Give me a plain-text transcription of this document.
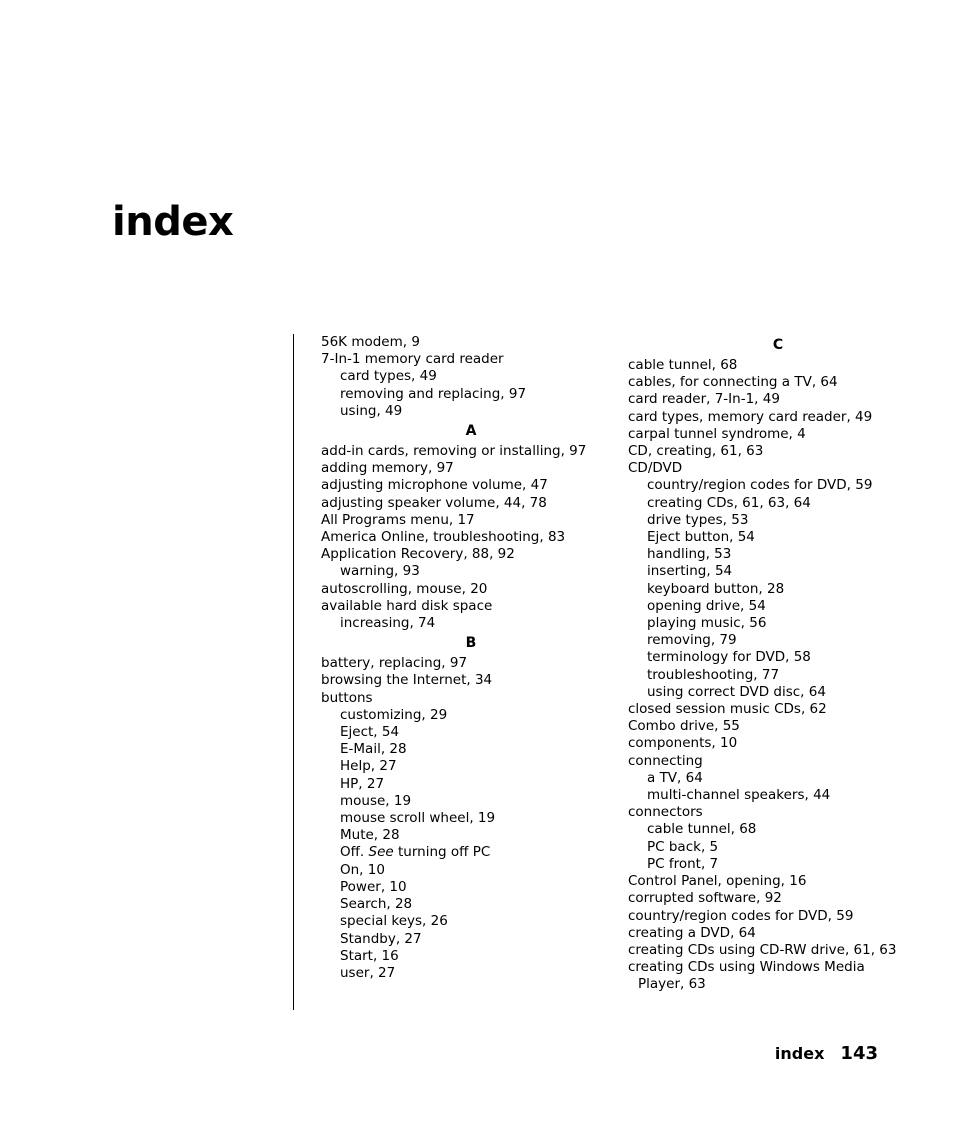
index
56K modem, 9
7-In-1 memory card reader
card types, 49
removing and replacing, 97
using, 49
A
add-in cards, removing or installing, 97
adding memory, 97
adjusting microphone volume, 47
adjusting speaker volume, 44, 78
All Programs menu, 17
America Online, troubleshooting, 83
Application Recovery, 88, 92
warning, 93
autoscrolling, mouse, 20
available hard disk space
increasing, 74
B
battery, replacing, 97
browsing the Internet, 34
buttons
customizing, 29
Eject, 54
E-Mail, 28
Help, 27
HP, 27
mouse, 19
mouse scroll wheel, 19
Mute, 28
Off. See turning off PC
On, 10
Power, 10
Search, 28
special keys, 26
Standby, 27
Start, 16
user, 27
C
cable tunnel, 68
cables, for connecting a TV, 64
card reader, 7-In-1, 49
card types, memory card reader, 49
carpal tunnel syndrome, 4
CD, creating, 61, 63
CD/DVD
country/region codes for DVD, 59
creating CDs, 61, 63, 64
drive types, 53
Eject button, 54
handling, 53
inserting, 54
keyboard button, 28
opening drive, 54
playing music, 56
removing, 79
terminology for DVD, 58
troubleshooting, 77
using correct DVD disc, 64
closed session music CDs, 62
Combo drive, 55
components, 10
connecting
a TV, 64
multi-channel speakers, 44
connectors
cable tunnel, 68
PC back, 5
PC front, 7
Control Panel, opening, 16
corrupted software, 92
country/region codes for DVD, 59
creating a DVD, 64
creating CDs using CD-RW drive, 61, 63
creating CDs using Windows Media
Player, 63
index 143
